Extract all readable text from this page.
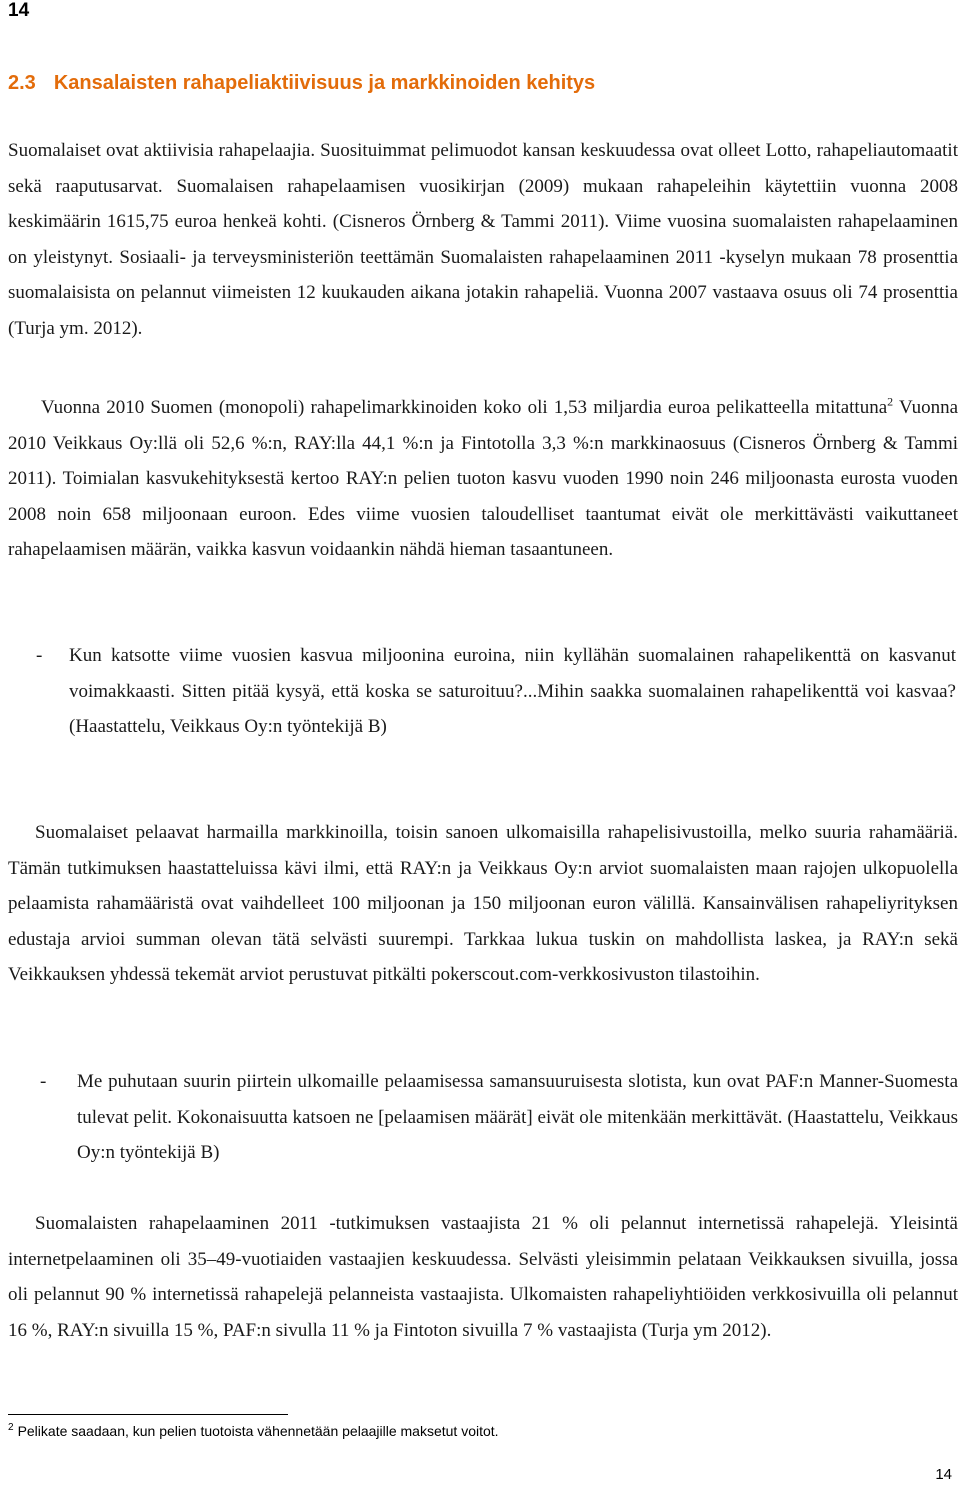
14
2.3 Kansalaisten rahapeliaktiivisuus ja markkinoiden kehitys

Suomalaiset ovat aktiivisia rahapelaajia. Suosituimmat pelimuodot kansan keskuudessa ovat olleet Lotto, rahapeliautomaatit sekä raaputusarvat. Suomalaisen rahapelaamisen vuosikirjan (2009) mukaan rahapeleihin käytettiin vuonna 2008 keskimäärin 1615,75 euroa henkeä kohti. (Cisneros Örnberg & Tammi 2011). Viime vuosina suomalaisten rahapelaaminen on yleistynyt. Sosiaali- ja terveysministeriön teettämän Suomalaisten rahapelaaminen 2011 -kyselyn mukaan 78 prosenttia suomalaisista on pelannut viimeisten 12 kuukauden aikana jotakin rahapeliä. Vuonna 2007 vastaava osuus oli 74 prosenttia (Turja ym. 2012).

Vuonna 2010 Suomen (monopoli) rahapelimarkkinoiden koko oli 1,53 miljardia euroa pelikatteella mitattuna$^2$ Vuonna 2010 Veikkaus Oy:llä oli 52,6 %:n, RAY:lla 44,1 %:n ja Fintotolla 3,3 %:n markkinaosuus (Cisneros Örnberg & Tammi 2011). Toimialan kasvukehityksestä kertoo RAY:n pelien tuoton kasvu vuoden 1990 noin 246 miljoonasta eurosta vuoden 2008 noin 658 miljoonaan euroon. Edes viime vuosien taloudelliset taantumat eivät ole merkittävästi vaikuttaneet rahapelaamisen määrän, vaikka kasvun voidaankin nähdä hieman tasaantuneen.

- Kun katsotte viime vuosien kasvua miljoonina euroina, niin kyllähän suomalainen rahapelikenttä on kasvanut voimakkaasti. Sitten pitää kysyä, että koska se saturoituu?...Mihin saakka suomalainen rahapelikenttä voi kasvaa? (Haastattelu, Veikkaus Oy:n työntekijä B)

Suomalaiset pelaavat harmailla markkinoilla, toisin sanoen ulkomaisilla rahapelisivustoilla, melko suuria rahamääriä. Tämän tutkimuksen haastatteluissa kävi ilmi, että RAY:n ja Veikkaus Oy:n arviot suomalaisten maan rajojen ulkopuolella pelaamista rahamääristä ovat vaihdelleet 100 miljoonan ja 150 miljoonan euron välillä. Kansainvälisen rahapeliyrityksen edustaja arvioi summan olevan tätä selvästi suurempi. Tarkkaa lukua tuskin on mahdollista laskea, ja RAY:n sekä Veikkauksen yhdessä tekemät arviot perustuvat pitkälti pokerscout.com-verkkosivuston tilastoihin.

- Me puhutaan suurin piirtein ulkomaille pelaamisessa samansuuruisesta slotista, kun ovat PAF:n Manner-Suomesta tulevat pelit. Kokonaisuutta katsoen ne [pelaamisen määrät] eivät ole mitenkään merkittävät. (Haastattelu, Veikkaus Oy:n työntekijä B)

Suomalaisten rahapelaaminen 2011 -tutkimuksen vastaajista 21 % oli pelannut internetissä rahapelejä. Yleisintä internetpelaaminen oli 35–49-vuotiaiden vastaajien keskuudessa. Selvästi yleisimmin pelataan Veikkauksen sivuilla, jossa oli pelannut 90 % internetissä rahapelejä pelanneista vastaajista. Ulkomaisten rahapeliyhtiöiden verkkosivuilla oli pelannut 16 %, RAY:n sivuilla 15 %, PAF:n sivulla 11 % ja Fintoton sivuilla 7 % vastaajista (Turja ym 2012).

$^2$ Pelikate saadaan, kun pelien tuotoista vähennetään pelaajille maksetut voitot.
14
